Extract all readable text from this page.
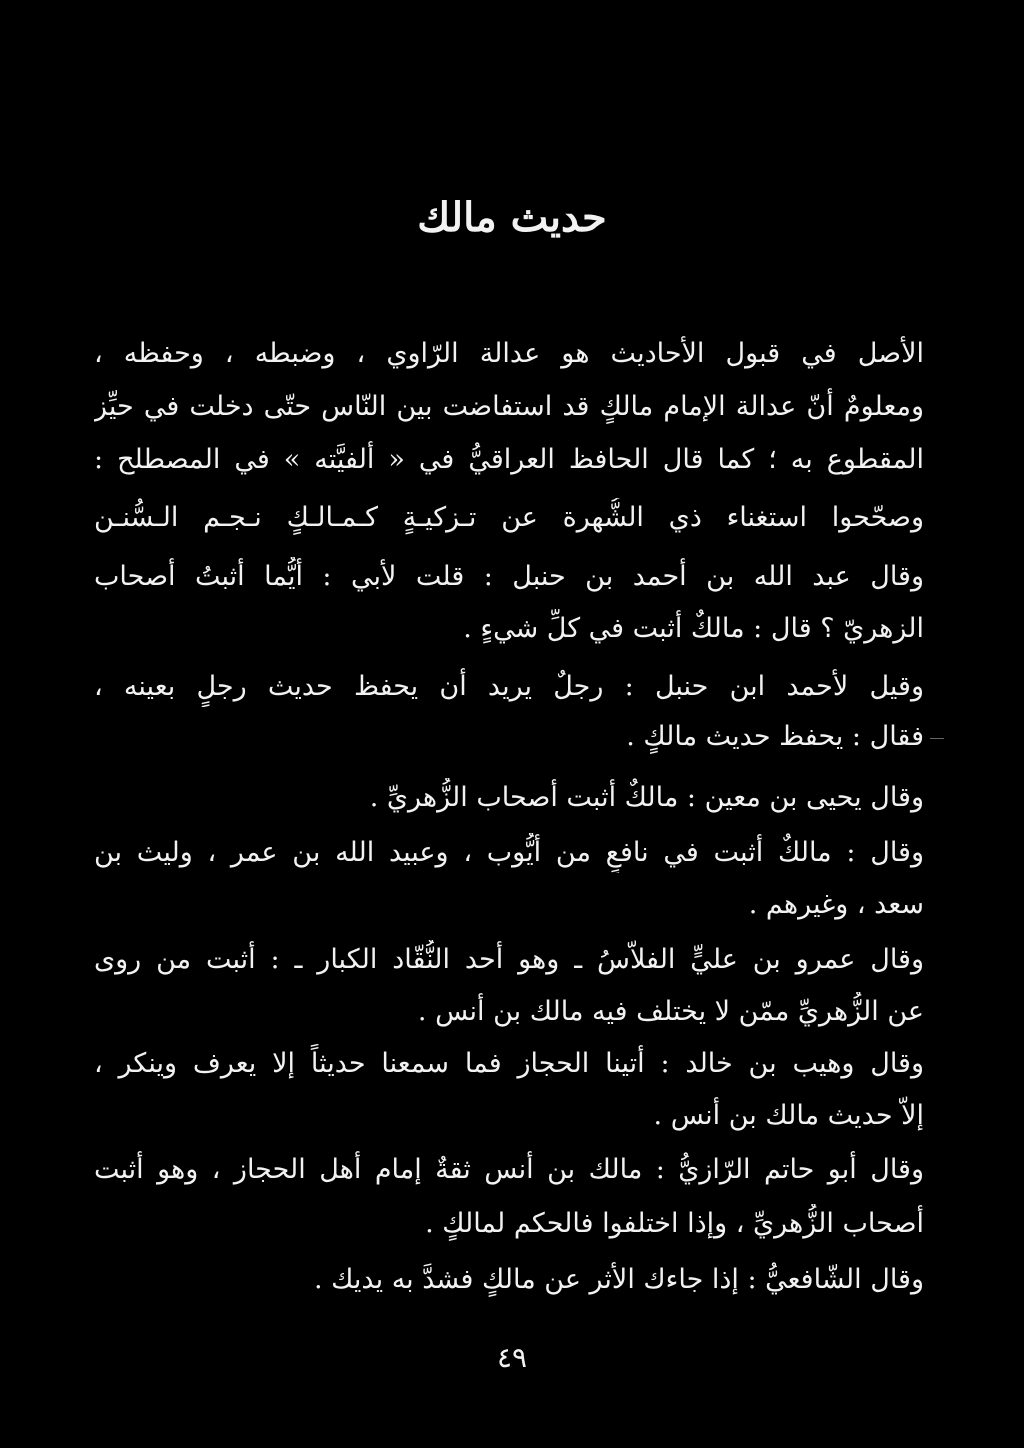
حديث مالك
الأصل في قبول الأحاديث هو عدالة الرّاوي ، وضبطه ، وحفظه ،
ومعلومٌ أنّ عدالة الإمام مالكٍ قد استفاضت بين النّاس حتّى دخلت في حيِّز
المقطوع به ؛ كما قال الحافظ العراقيُّ في « ألفيَّته » في المصطلح :
وصحّحوا استغناء ذي الشُّهرة عن تـزكيـةٍ كـمـالـكٍ نـجـم الـسُّنـن
وقال عبد الله بن أحمد بن حنبل : قلت لأبي : أيُّما أثبتُ أصحاب
الزهريّ ؟ قال : مالكٌ أثبت في كلِّ شيءٍ .
وقيل لأحمد ابن حنبل : رجلٌ يريد أن يحفظ حديث رجلٍ بعينه ،
فقال : يحفظ حديث مالكٍ .
وقال يحيى بن معين : مالكٌ أثبت أصحاب الزُّهريِّ .
وقال : مالكٌ أثبت في نافعٍ من أيُّوب ، وعبيد الله بن عمر ، وليث بن
سعد ، وغيرهم .
وقال عمرو بن عليٍّ الفلاّسُ ـ وهو أحد النُّقّاد الكبار ـ : أثبت من روى
عن الزُّهريِّ ممّن لا يختلف فيه مالك بن أنس .
وقال وهيب بن خالد : أتينا الحجاز فما سمعنا حديثاً إلا يعرف وينكر ،
إلاّ حديث مالك بن أنس .
وقال أبو حاتم الرّازيُّ : مالك بن أنس ثقةٌ إمام أهل الحجاز ، وهو أثبت
أصحاب الزُّهريِّ ، وإذا اختلفوا فالحكم لمالكٍ .
وقال الشّافعيُّ : إذا جاءك الأثر عن مالكٍ فشدَّ به يديك .
٤٩
